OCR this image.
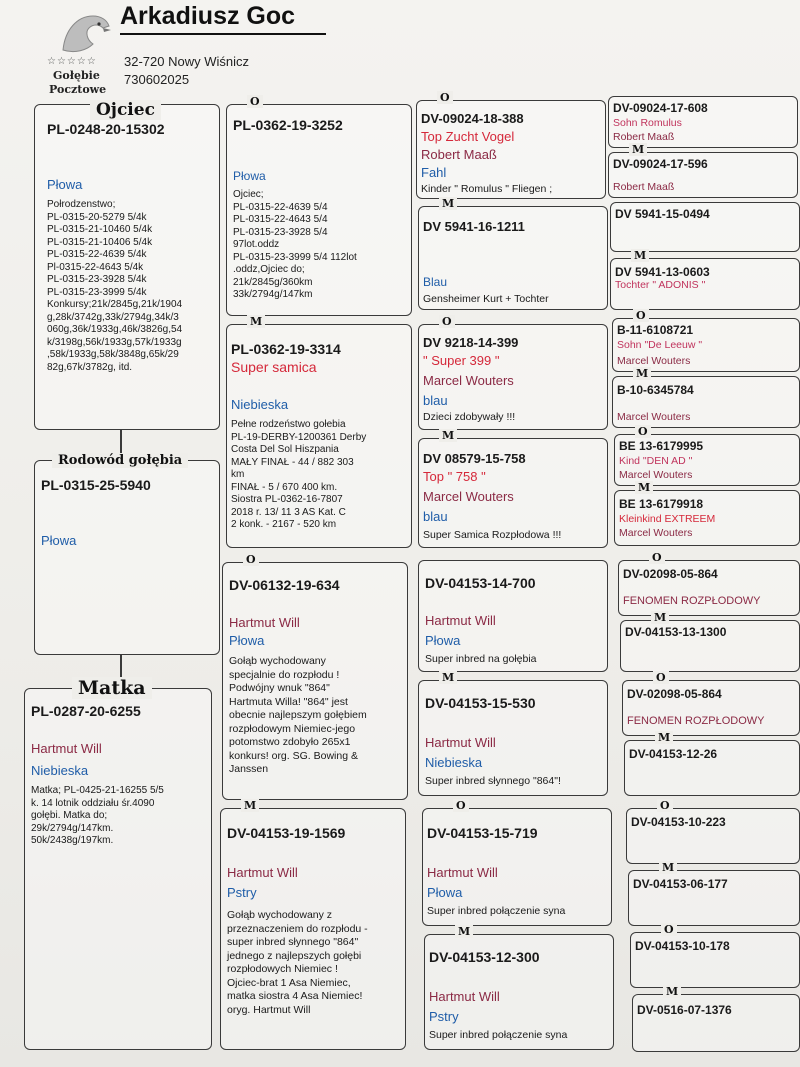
☆☆☆☆☆
Gołębie
Pocztowe
Arkadiusz Goc
32-720 Nowy Wiśnicz
730602025
PL-0248-20-15302
Płowa
Połrodzenstwo;
PL-0315-20-5279 5/4k
PL-0315-21-10460 5/4k
PL-0315-21-10406 5/4k
PL-0315-22-4639 5/4k
Pl-0315-22-4643 5/4k
PL-0315-23-3928 5/4k
PL-0315-23-3999 5/4k
Konkursy;21k/2845g,21k/1904
g,28k/3742g,33k/2794g,34k/3
060g,36k/1933g,46k/3826g,54
k/3198g,56k/1933g,57k/1933g
,58k/1933g,58k/3848g,65k/29
82g,67k/3782g, itd.
Ojciec
PL-0315-25-5940
Płowa
Rodowód gołębia
PL-0287-20-6255
Hartmut Will
Niebieska
Matka; PL-0425-21-16255 5/5
k. 14 lotnik oddziału śr.4090
gołębi. Matka do;
29k/2794g/147km.
50k/2438g/197km.
Matka
O
PL-0362-19-3252
Płowa
Ojciec;
PL-0315-22-4639 5/4
PL-0315-22-4643 5/4
PL-0315-23-3928 5/4
97lot.oddz
PL-0315-23-3999 5/4 112lot
.oddz,Ojciec do;
21k/2845g/360km
33k/2794g/147km
M
PL-0362-19-3314
Super samica
Niebieska
Pełne rodzeństwo gołebia
PL-19-DERBY-1200361 Derby
Costa Del Sol Hiszpania
MAŁY FINAŁ - 44 / 882 303
km
FINAŁ - 5 / 670 400 km.
Siostra PL-0362-16-7807
2018 r. 13/ 11 3 AS Kat. C
2 konk. - 2167 - 520 km
O
DV-06132-19-634
Hartmut Will
Płowa
Gołąb wychodowany
specjalnie do rozpłodu !
Podwójny wnuk "864"
Hartmuta Willa! "864" jest
obecnie najlepszym gołębiem
rozpłodowym Niemiec-jego
potomstwo zdobyło 265x1
konkurs! org. SG. Bowing &
Janssen
M
DV-04153-19-1569
Hartmut Will
Pstry
Gołąb wychodowany z
przeznaczeniem do rozpłodu -
super inbred słynnego "864"
jednego z najlepszych gołębi
rozpłodowych Niemiec !
Ojciec-brat 1 Asa Niemiec,
matka siostra 4 Asa Niemiec!
oryg. Hartmut Will
O
DV-09024-18-388
Top Zucht Vogel
Robert Maaß
Fahl
Kinder " Romulus " Fliegen ;
M
DV 5941-16-1211
Blau
Gensheimer Kurt + Tochter
O
DV 9218-14-399
" Super 399 "
Marcel Wouters
blau
Dzieci zdobywały !!!
M
DV 08579-15-758
Top " 758 "
Marcel Wouters
blau
Super Samica Rozpłodowa !!!
DV-04153-14-700
Hartmut Will
Płowa
Super inbred na gołębia
M
DV-04153-15-530
Hartmut Will
Niebieska
Super inbred słynnego "864"!
O
DV-04153-15-719
Hartmut Will
Płowa
Super inbred połączenie syna
M
DV-04153-12-300
Hartmut Will
Pstry
Super inbred połączenie syna
DV-09024-17-608
Sohn Romulus
Robert Maaß
M
DV-09024-17-596
Robert Maaß
DV 5941-15-0494
M
DV 5941-13-0603
Tochter " ADONIS "
O
B-11-6108721
Sohn "De Leeuw "
Marcel Wouters
M
B-10-6345784
Marcel Wouters
O
BE 13-6179995
Kind "DEN AD "
Marcel Wouters
M
BE 13-6179918
Kleinkind EXTREEM
Marcel Wouters
O
DV-02098-05-864
FENOMEN ROZPŁODOWY
M
DV-04153-13-1300
O
DV-02098-05-864
FENOMEN ROZPŁODOWY
M
DV-04153-12-26
O
DV-04153-10-223
M
DV-04153-06-177
O
DV-04153-10-178
M
DV-0516-07-1376
